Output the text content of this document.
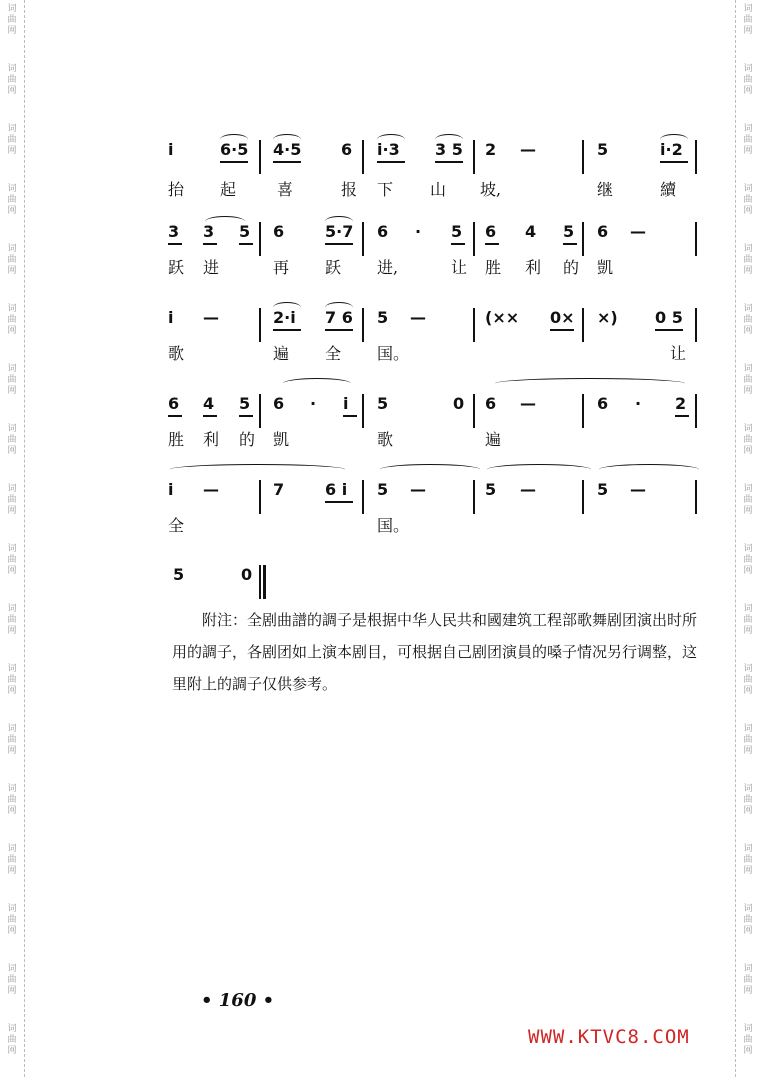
词
曲
网
词
曲
网
词
曲
网
词
曲
网
词
曲
网
词
曲
网
词
曲
网
词
曲
网
词
曲
网
词
曲
网
词
曲
网
词
曲
网
词
曲
网
词
曲
网
词
曲
网
词
曲
网
词
曲
网
词
曲
网
词
曲
网
词
曲
网
词
曲
网
词
曲
网
词
曲
网
词
曲
网
词
曲
网
词
曲
网
词
曲
网
词
曲
网
词
曲
网
词
曲
网
词
曲
网
词
曲
网
词
曲
网
词
曲
网
词
曲
网
词
曲
网
i	6·5 4·5 6 i·3 3 5 2 —	5	i·2
抬 起	喜	报 下 山 坡,	继	續
3 3 5 6	5·7 6 · 5 6 4 5 6 —
跃 进	再 跃 进,	让 胜 利 的 凱
i —	2·i 7 6 5 —	(×× 0× ×) 0 5
歌	遍 全 国。	让
6 4 5 6 · i 5	0 6 —	6 · 2
胜 利 的 凱	歌	遍
i —	7	6 i 5 —	5 —	5 —
全	国。
5	0
附注：全剧曲譜的調子是根据中华人民共和國建筑工程部歌舞剧团演出时所用的調子，各剧团如上演本剧目，可根据自己剧团演員的嗓子情况另行调整，这里附上的調子仅供参考。
• 160 •
WWW.KTVC8.COM
